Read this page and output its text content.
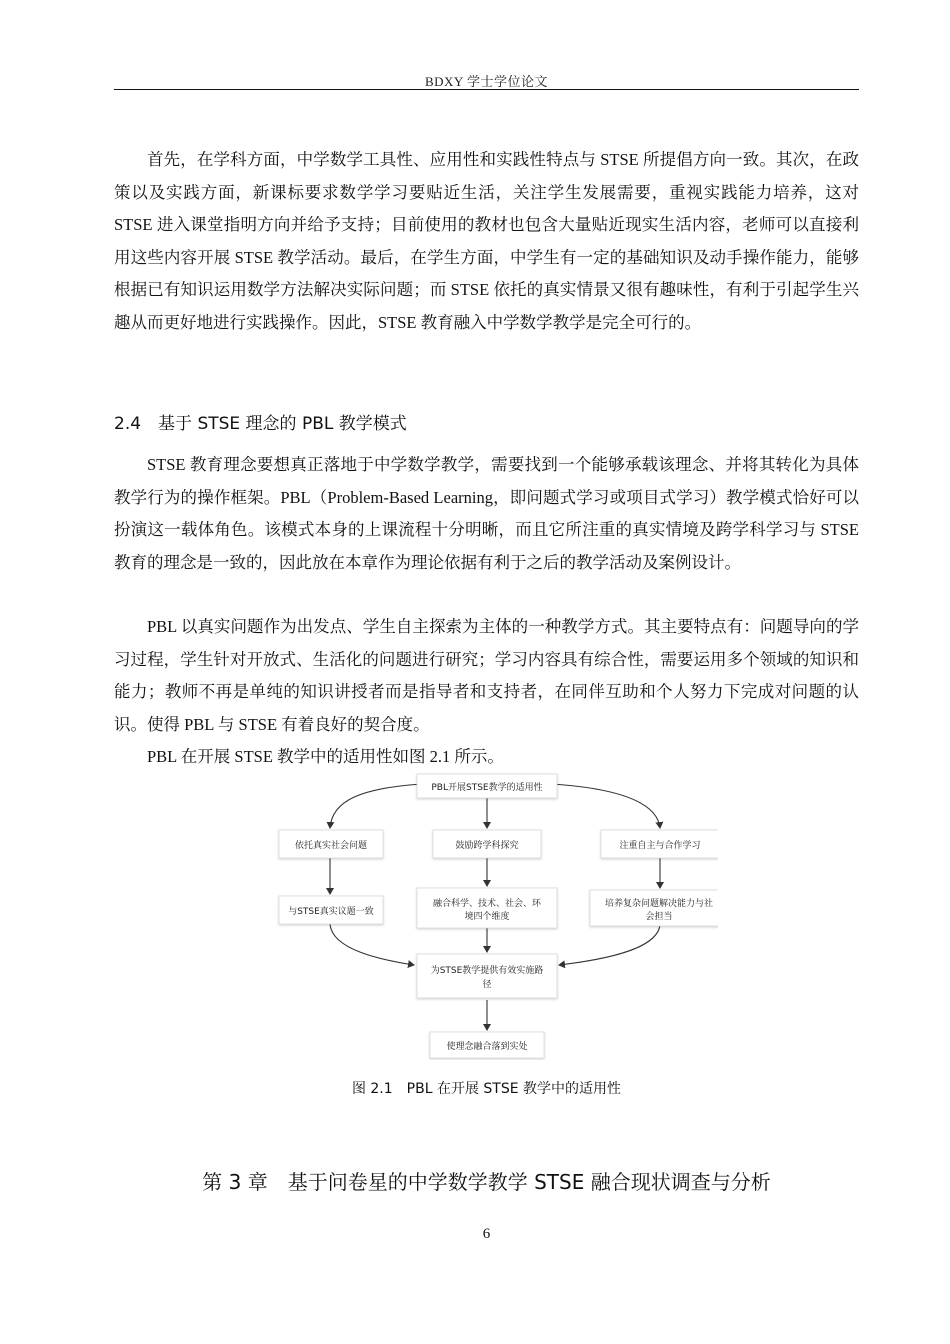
BDXY 学士学位论文

首先，在学科方面，中学数学工具性、应用性和实践性特点与 STSE 所提倡方向一致。其次，在政策以及实践方面，新课标要求数学学习要贴近生活，关注学生发展需要，重视实践能力培养，这对 STSE 进入课堂指明方向并给予支持；目前使用的教材也包含大量贴近现实生活内容，老师可以直接利用这些内容开展 STSE 教学活动。最后，在学生方面，中学生有一定的基础知识及动手操作能力，能够根据已有知识运用数学方法解决实际问题；而 STSE 依托的真实情景又很有趣味性，有利于引起学生兴趣从而更好地进行实践操作。因此，STSE 教育融入中学数学教学是完全可行的。

2.4　基于 STSE 理念的 PBL 教学模式

STSE 教育理念要想真正落地于中学数学教学，需要找到一个能够承载该理念、并将其转化为具体教学行为的操作框架。PBL（Problem-Based Learning，即问题式学习或项目式学习）教学模式恰好可以扮演这一载体角色。该模式本身的上课流程十分明晰，而且它所注重的真实情境及跨学科学习与 STSE 教育的理念是一致的，因此放在本章作为理论依据有利于之后的教学活动及案例设计。

PBL 以真实问题作为出发点、学生自主探索为主体的一种教学方式。其主要特点有：问题导向的学习过程，学生针对开放式、生活化的问题进行研究；学习内容具有综合性，需要运用多个领域的知识和能力；教师不再是单纯的知识讲授者而是指导者和支持者，在同伴互助和个人努力下完成对问题的认识。使得 PBL 与 STSE 有着良好的契合度。

PBL 在开展 STSE 教学中的适用性如图 2.1 所示。

PBL开展STSE教学的适用性
依托真实社会问题	鼓励跨学科探究	注重自主与合作学习
与STSE真实议题一致
融合科学、技术、社会、环
境四个维度
培养复杂问题解决能力与社
会担当
为STSE教学提供有效实施路
径
使理念融合落到实处
图 2.1　PBL 在开展 STSE 教学中的适用性
第 3 章　基于问卷星的中学数学教学 STSE 融合现状调查与分析
6
